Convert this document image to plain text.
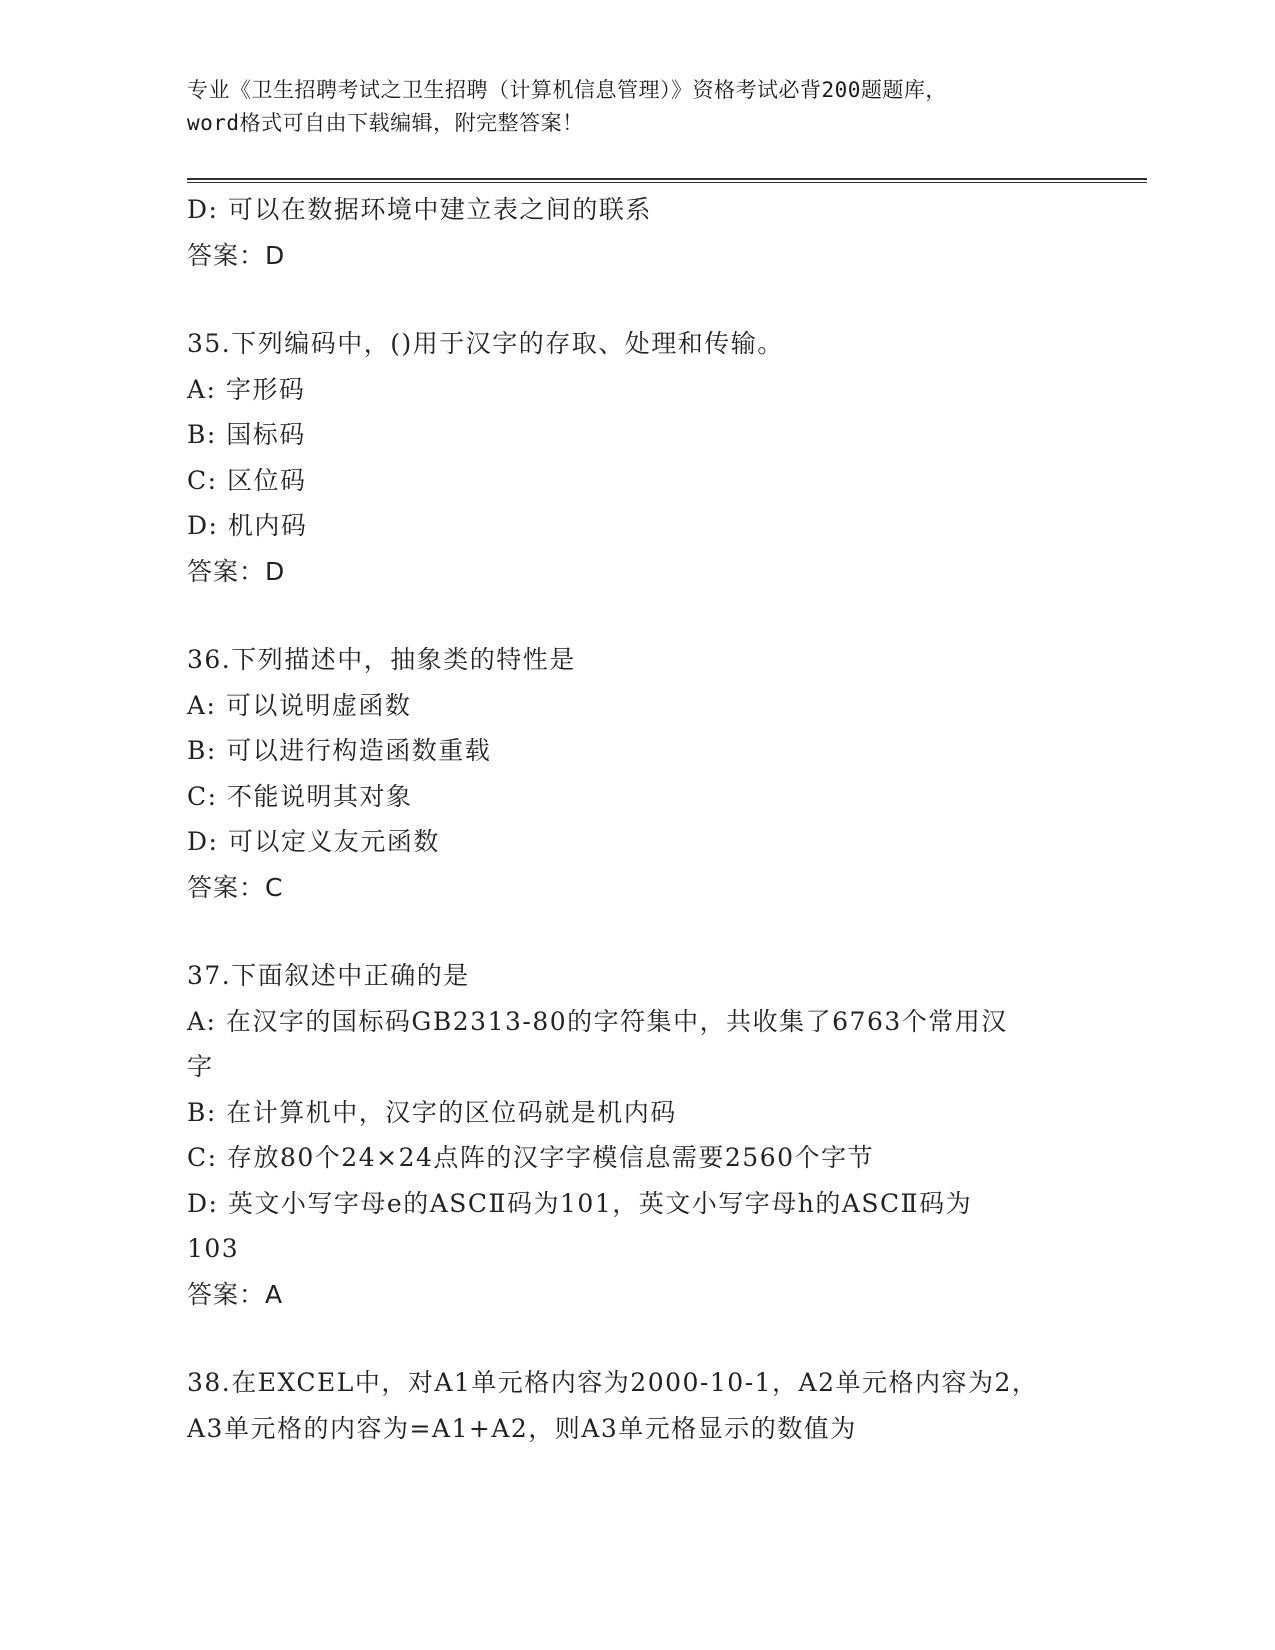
专业《卫生招聘考试之卫生招聘（计算机信息管理）》资格考试必背200题题库，
word格式可自由下载编辑，附完整答案！

D: 可以在数据环境中建立表之间的联系

答案：D

35.下列编码中，()用于汉字的存取、处理和传输。

A: 字形码

B: 国标码

C: 区位码

D: 机内码

答案：D

36.下列描述中，抽象类的特性是

A: 可以说明虚函数

B: 可以进行构造函数重载

C: 不能说明其对象

D: 可以定义友元函数

答案：C

37.下面叙述中正确的是

A: 在汉字的国标码GB2313-80的字符集中，共收集了6763个常用汉

字

B: 在计算机中，汉字的区位码就是机内码

C: 存放80个24×24点阵的汉字字模信息需要2560个字节

D: 英文小写字母e的ASCⅡ码为101，英文小写字母h的ASCⅡ码为

103

答案：A

38.在EXCEL中，对A1单元格内容为2000-10-1，A2单元格内容为2，

A3单元格的内容为=A1+A2，则A3单元格显示的数值为
